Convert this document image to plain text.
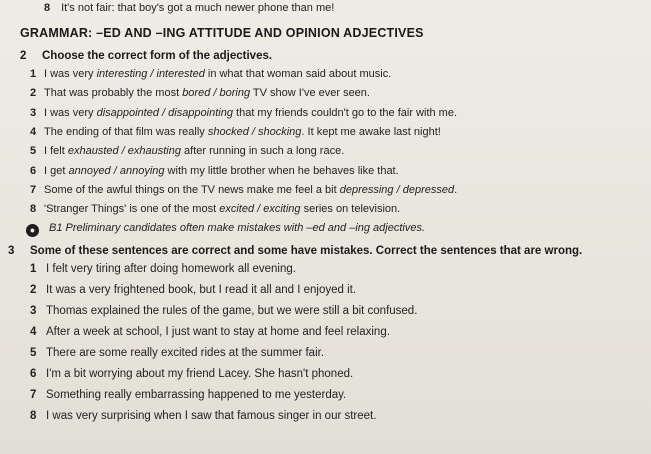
8 It's not fair: that boy's got a much newer phone than me!
GRAMMAR: –ED AND –ING ATTITUDE AND OPINION ADJECTIVES
2 Choose the correct form of the adjectives.
1 I was very interesting / interested in what that woman said about music.
2 That was probably the most bored / boring TV show I've ever seen.
3 I was very disappointed / disappointing that my friends couldn't go to the fair with me.
4 The ending of that film was really shocked / shocking. It kept me awake last night!
5 I felt exhausted / exhausting after running in such a long race.
6 I get annoyed / annoying with my little brother when he behaves like that.
7 Some of the awful things on the TV news make me feel a bit depressing / depressed.
8 'Stranger Things' is one of the most excited / exciting series on television.
●	B1 Preliminary candidates often make mistakes with –ed and –ing adjectives.
3 Some of these sentences are correct and some have mistakes. Correct the sentences that are wrong.
1 I felt very tiring after doing homework all evening.
2 It was a very frightened book, but I read it all and I enjoyed it.
3 Thomas explained the rules of the game, but we were still a bit confused.
4 After a week at school, I just want to stay at home and feel relaxing.
5 There are some really excited rides at the summer fair.
6 I'm a bit worrying about my friend Lacey. She hasn't phoned.
7 Something really embarrassing happened to me yesterday.
8 I was very surprising when I saw that famous singer in our street.
